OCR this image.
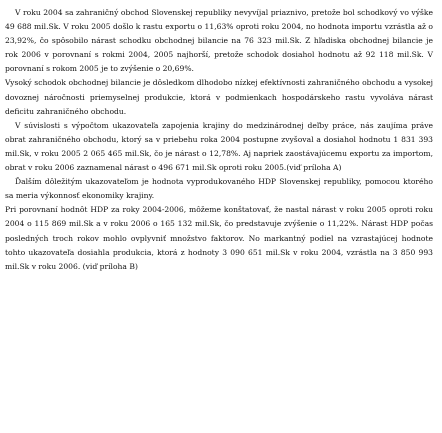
V roku 2004 sa zahraničný obchod Slovenskej republiky nevyvíjal priaznivo, pretože bol schodkový vo výške 49 688 mil.Sk. V roku 2005 došlo k rastu exportu o 11,63% oproti roku 2004, no hodnota importu vzrástla až o 23,92%, čo spôsobilo nárast schodku obchodnej bilancie na 76 323 mil.Sk. Z hľadiska obchodnej bilancie je rok 2006 v porovnaní s rokmi 2004, 2005 najhorší, pretože schodok dosiahol hodnotu až 92 118 mil.Sk. V porovnaní s rokom 2005 je to zvýšenie o 20,69%.

Vysoký schodok obchodnej bilancie je dôsledkom dlhodobo nízkej efektívnosti zahraničného obchodu a vysokej dovoznej náročnosti priemyselnej produkcie, ktorá v podmienkach hospodárskeho rastu vyvoláva nárast deficitu zahraničného obchodu.

V súvislosti s výpočtom ukazovateľa zapojenia krajiny do medzinárodnej deľby práce, nás zaujíma práve obrat zahraničného obchodu, ktorý sa v priebehu roka 2004 postupne zvyšoval a dosiahol hodnotu 1 831 393 mil.Sk, v roku 2005 2 065 465 mil.Sk, čo je nárast o 12,78%. Aj napriek zaostávajúcemu exportu za importom, obrat v roku 2006 zaznamenal nárast o 496 671 mil.Sk oproti roku 2005.(viď príloha A)

Ďalším dôležitým ukazovateľom je hodnota vyprodukovaného HDP Slovenskej republiky, pomocou ktorého sa meria výkonnosť ekonomiky krajiny.

Pri porovnaní hodnôt HDP za roky 2004-2006, môžeme konštatovať, že nastal nárast v roku 2005 oproti roku 2004 o 115 869 mil.Sk a v roku 2006 o 165 132 mil.Sk, čo predstavuje zvýšenie o 11,22%. Nárast HDP počas posledných troch rokov mohlo ovplyvniť množstvo faktorov. No markantný podiel na vzrastajúcej hodnote tohto ukazovateľa dosiahla produkcia, ktorá z hodnoty 3 090 651 mil.Sk v roku 2004, vzrástla na 3 850 993 mil.Sk v roku 2006. (viď príloha B)
